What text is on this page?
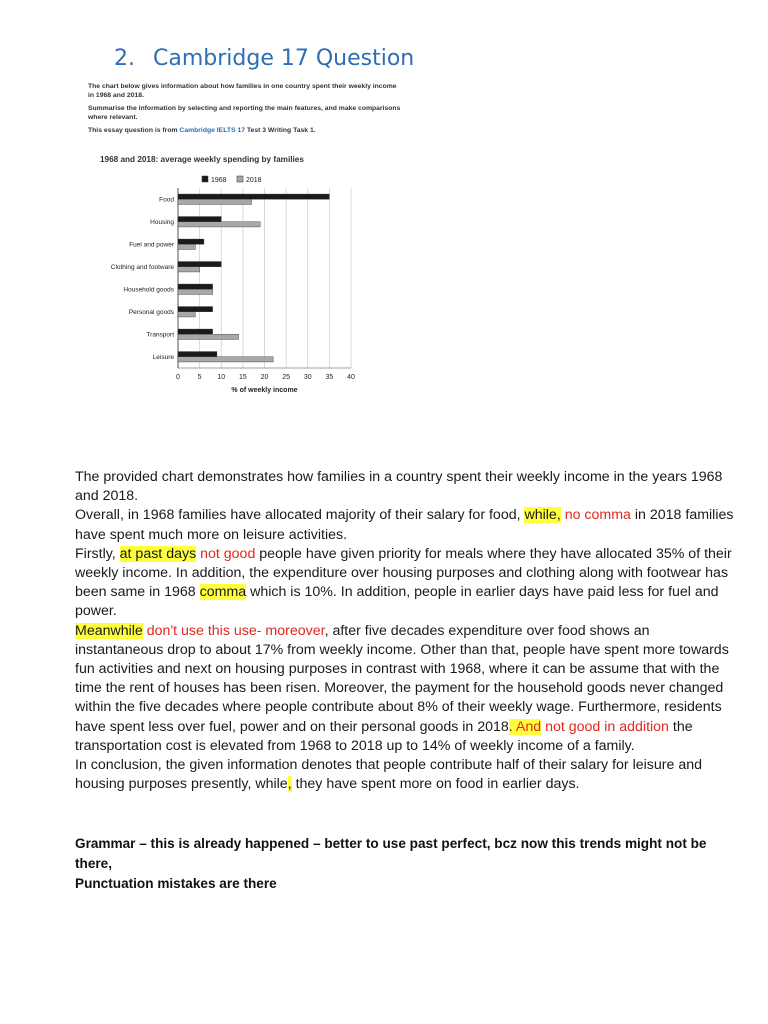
2. Cambridge 17 Question

The chart below gives information about how families in one country spent their weekly income in 1968 and 2018.

Summarise the information by selecting and reporting the main features, and make comparisons where relevant.

This essay question is from Cambridge IELTS 17 Test 3 Writing Task 1.

1968 and 2018: average weekly spending by families
1968	2018
0	5 10 15 20 25 30 35 40
% of weekly income
Food
Housing
Fuel and power
Clothing and footware
Household goods
Personal goods
Transport
Leisure

The provided chart demonstrates how families in a country spent their weekly income in the years 1968 and 2018.

Overall, in 1968 families have allocated majority of their salary for food, while, no comma in 2018 families have spent much more on leisure activities.

Firstly, at past days not good people have given priority for meals where they have allocated 35% of their weekly income. In addition, the expenditure over housing purposes and clothing along with footwear has been same in 1968 comma which is 10%. In addition, people in earlier days have paid less for fuel and power.

Meanwhile don't use this use- moreover, after five decades expenditure over food shows an instantaneous drop to about 17% from weekly income. Other than that, people have spent more towards fun activities and next on housing purposes in contrast with 1968, where it can be assume that with the time the rent of houses has been risen. Moreover, the payment for the household goods never changed within the five decades where people contribute about 8% of their weekly wage. Furthermore, residents have spent less over fuel, power and on their personal goods in 2018. And not good in addition the transportation cost is elevated from 1968 to 2018 up to 14% of weekly income of a family.

In conclusion, the given information denotes that people contribute half of their salary for leisure and housing purposes presently, while, they have spent more on food in earlier days.

Grammar – this is already happened – better to use past perfect, bcz now this trends might not be there,

Punctuation mistakes are there
